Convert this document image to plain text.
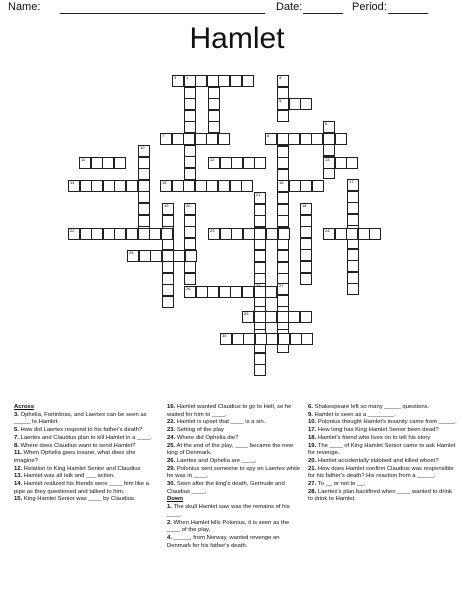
Name:	Date:	Period:
Hamlet
1	4
5
6
16
10
17
18
19	20
21
27
3
7	8
11	12	13
14	15
22	23	24
25
26
29
30
Across
3. Ophelia, Fortinbras, and Laertes can be seen as _____ to Hamlet.
5. How did Laertes respond to his father's death?
7. Laertes and Claudius plan to kill Hamlet in a ____.
8. Where does Claudius want to send Hamlet?
11. When Ophelia goes insane, what does she imagine?
12. Relation to King Hamlet Senior and Claudius
13. Hamlet was all talk and ___ action.
14. Hamlet realized his friends were ____ him like a pipe as they questioned and talked to him.
15. King Hamlet Senior was ____ by Claudius.
16. Hamlet wanted Claudius to go to Hell, so he waited for him to ____.
22. Hamlet is upset that ____ is a sin.
23. Setting of the play
24. Where did Ophelia die?
25. At the end of the play, ____ became the new king of Denmark.
26. Laertes and Ophelia are ____.
29. Polonius sent someone to spy on Laertes while he was in ____.
30. Soon after the king's death, Gertrude and Claudius ____.
Down
1. The skull Hamlet saw was the remains of his ____.
2. When Hamlet kills Polonius, it is seen as the ____ of the play.
4. _____, from Norway, wanted revenge on Denmark for his father's death.
6. Shakespeare left so many _____ questions.
9. Hamlet is seen as a ________.
10. Polonius thought Hamlet's insanity came from _____.
17. How long has King Hamlet Senior been dead?
18. Hamlet's friend who lives on to tell his story
19. The ____ of King Hamlet Senior came to ask Hamlet for revenge.
20. Hamlet accidentally stabbed and killed whom?
21. How does Hamlet confirm Claudius was responsible for his father's death? His reaction from a _____.
27. To __ or not to __.
28. Laertes's plan backfired when ____ wanted to drink to drink to Hamlet.
